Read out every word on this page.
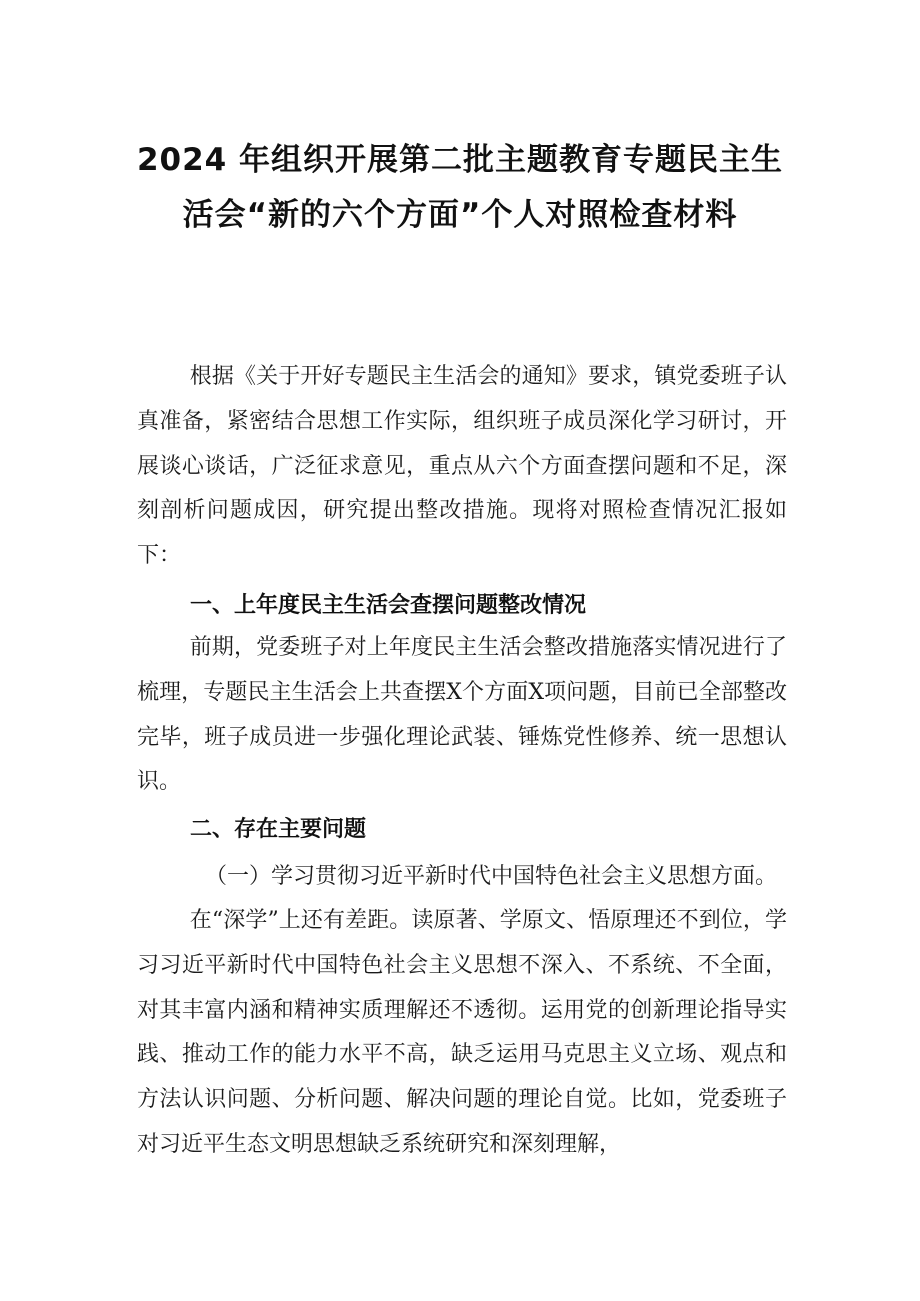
2024 年组织开展第二批主题教育专题民主生
活会“新的六个方面”个人对照检查材料

根据《关于开好专题民主生活会的通知》要求，镇党委班子认真准备，紧密结合思想工作实际，组织班子成员深化学习研讨，开展谈心谈话，广泛征求意见，重点从六个方面查摆问题和不足，深刻剖析问题成因，研究提出整改措施。现将对照检查情况汇报如下：

一、上年度民主生活会查摆问题整改情况

前期，党委班子对上年度民主生活会整改措施落实情况进行了梳理，专题民主生活会上共查摆X个方面X项问题，目前已全部整改完毕，班子成员进一步强化理论武装、锤炼党性修养、统一思想认识。

二、存在主要问题
（一）学习贯彻习近平新时代中国特色社会主义思想方面。

在“深学”上还有差距。读原著、学原文、悟原理还不到位，学习习近平新时代中国特色社会主义思想不深入、不系统、不全面，对其丰富内涵和精神实质理解还不透彻。运用党的创新理论指导实践、推动工作的能力水平不高，缺乏运用马克思主义立场、观点和方法认识问题、分析问题、解决问题的理论自觉。比如，党委班子对习近平生态文明思想缺乏系统研究和深刻理解，
